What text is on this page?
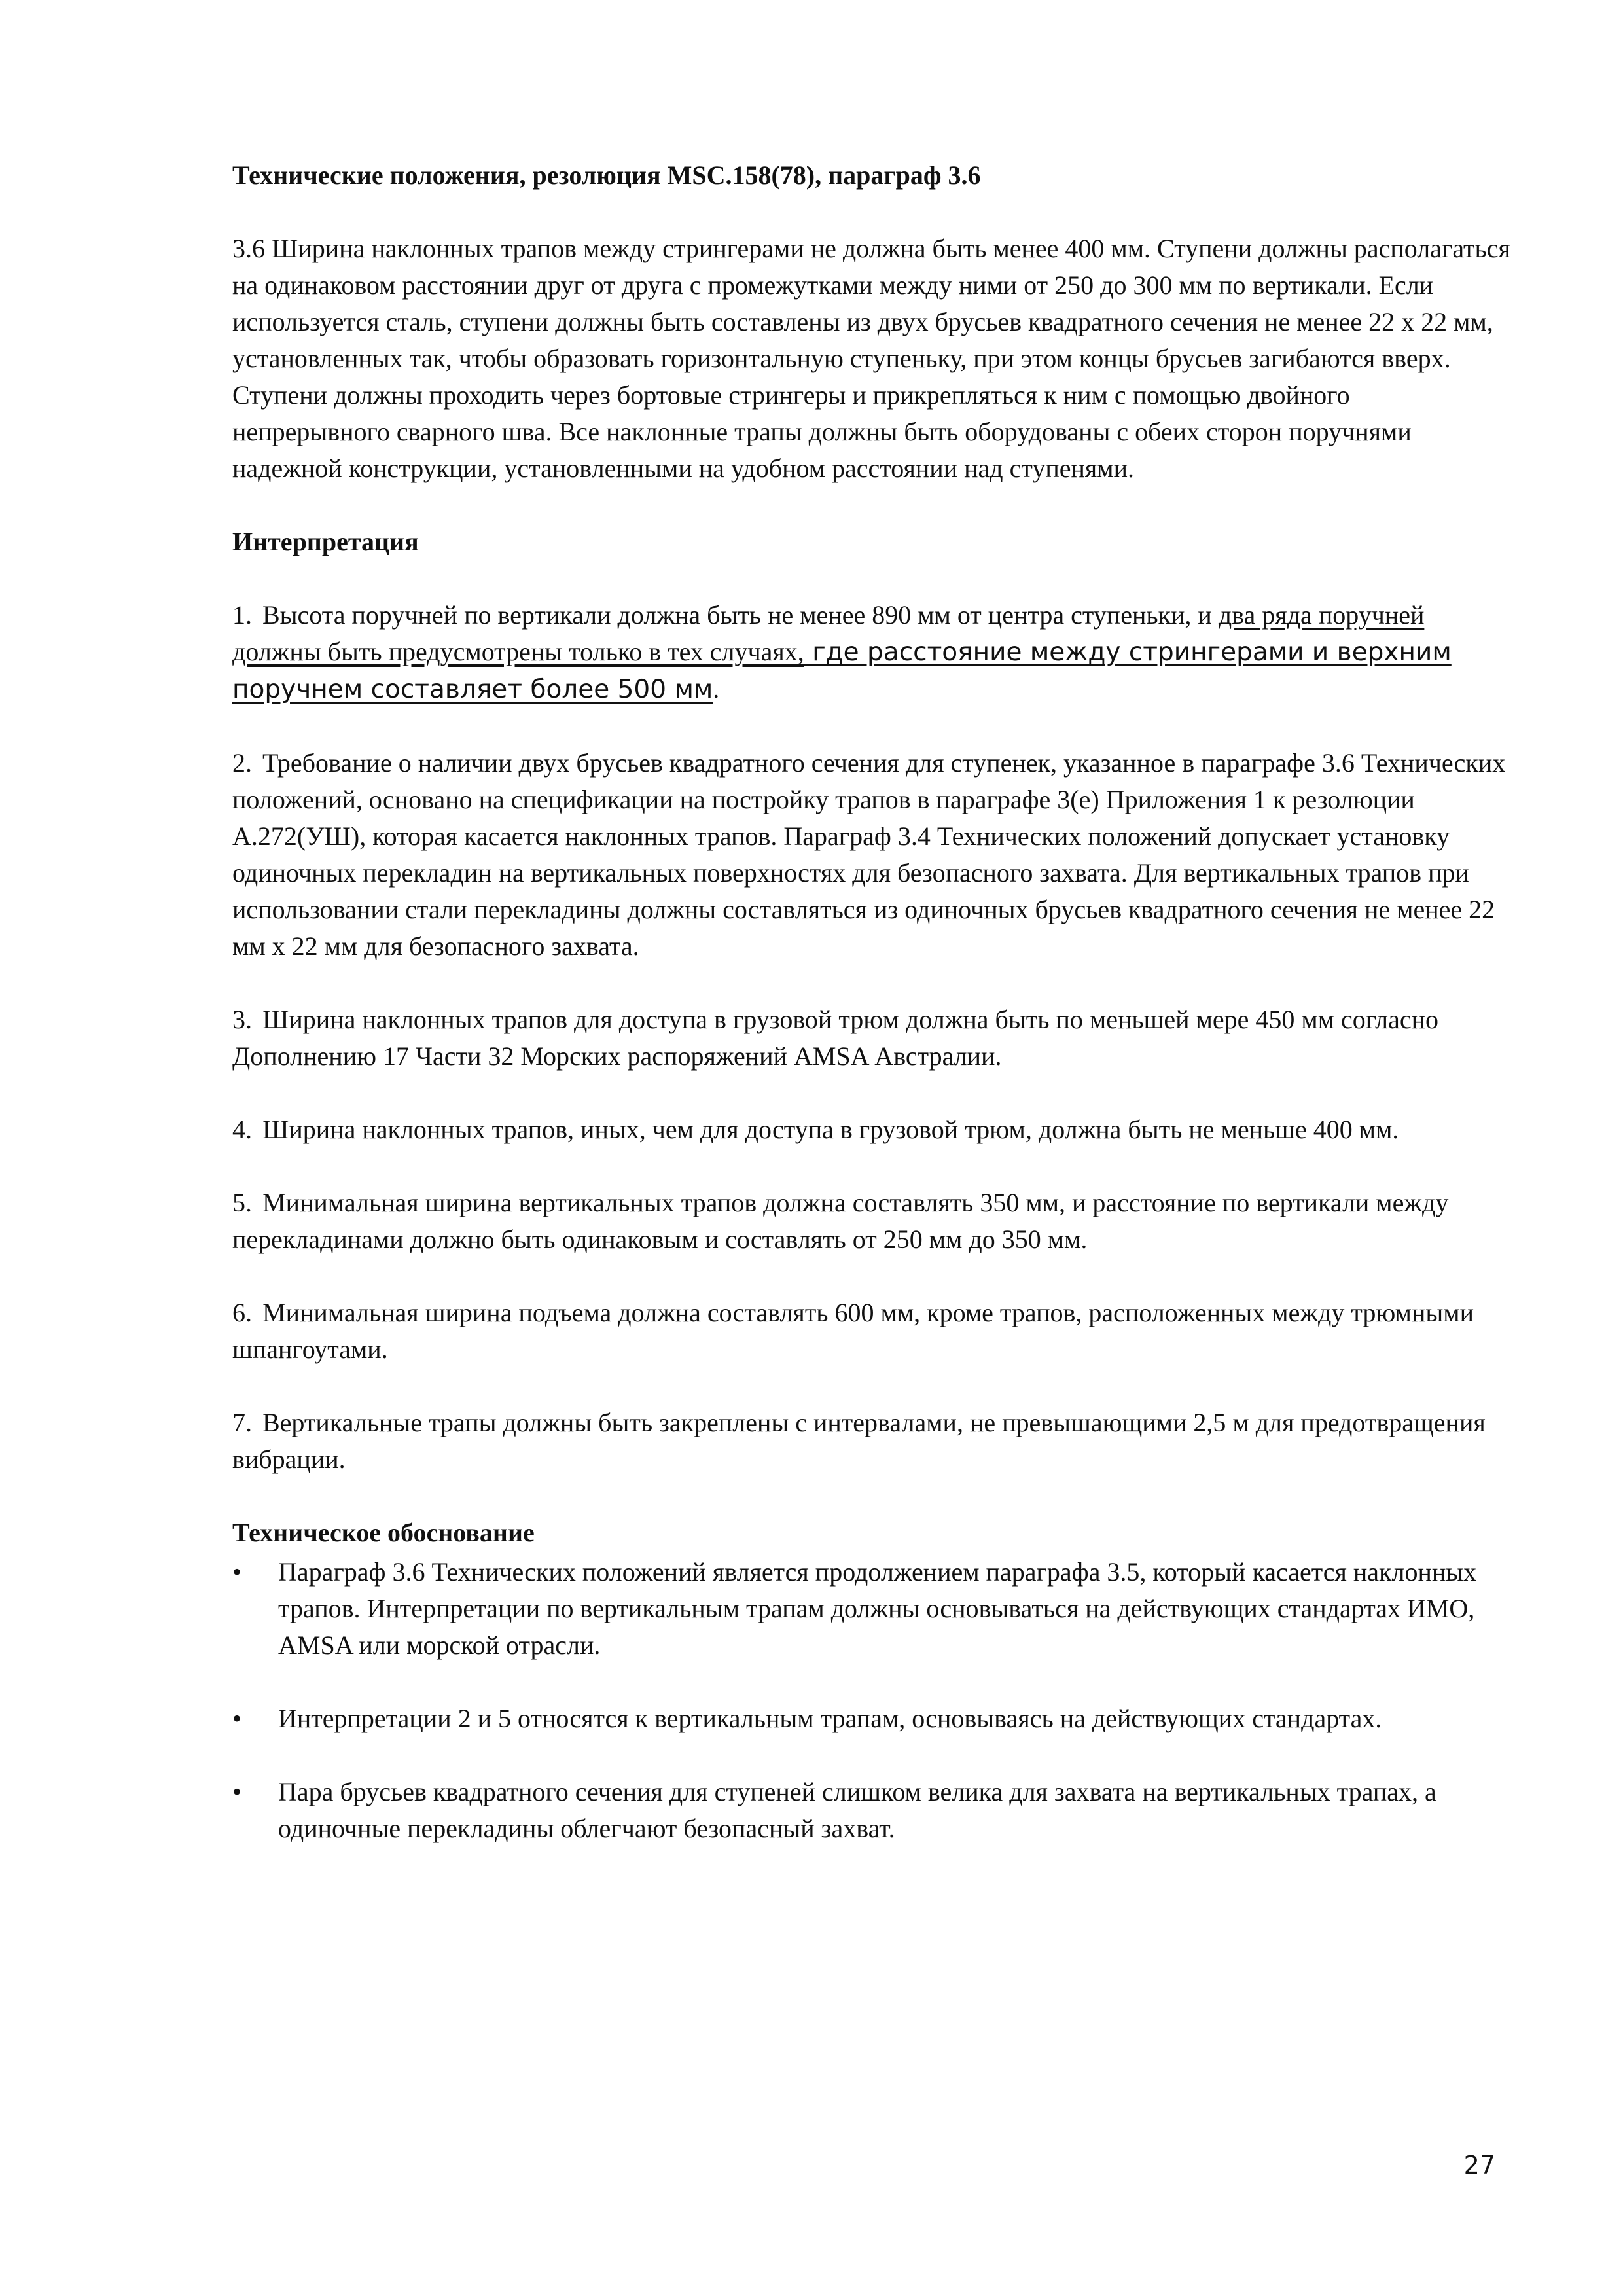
Технические положения, резолюция MSC.158(78), параграф 3.6

3.6 Ширина наклонных трапов между стрингерами не должна быть менее 400 мм. Ступени должны располагаться на одинаковом расстоянии друг от друга с промежутками между ними от 250 до 300 мм по вертикали. Если используется сталь, ступени должны быть составлены из двух брусьев квадратного сечения не менее 22 х 22 мм, установленных так, чтобы образовать горизонтальную ступеньку, при этом концы брусьев загибаются вверх. Ступени должны проходить через бортовые стрингеры и прикрепляться к ним с помощью двойного непрерывного сварного шва. Все наклонные трапы должны быть оборудованы с обеих сторон поручнями надежной конструкции, установленными на удобном расстоянии над ступенями.

Интерпретация

1. Высота поручней по вертикали должна быть не менее 890 мм от центра ступеньки, и два ряда поручней должны быть предусмотрены только в тех случаях, где расстояние между стрингерами и верхним поручнем составляет более 500 мм.

2. Требование о наличии двух брусьев квадратного сечения для ступенек, указанное в параграфе 3.6 Технических положений, основано на спецификации на постройку трапов в параграфе 3(e) Приложения 1 к резолюции А.272(УШ), которая касается наклонных трапов. Параграф 3.4 Технических положений допускает установку одиночных перекладин на вертикальных поверхностях для безопасного захвата. Для вертикальных трапов при использовании стали перекладины должны составляться из одиночных брусьев квадратного сечения не менее 22 мм х 22 мм для безопасного захвата.

3. Ширина наклонных трапов для доступа в грузовой трюм должна быть по меньшей мере 450 мм согласно Дополнению 17 Части 32 Морских распоряжений AMSA Австралии.

4. Ширина наклонных трапов, иных, чем для доступа в грузовой трюм, должна быть не меньше 400 мм.

5. Минимальная ширина вертикальных трапов должна составлять 350 мм, и расстояние по вертикали между перекладинами должно быть одинаковым и составлять от 250 мм до 350 мм.

6. Минимальная ширина подъема должна составлять 600 мм, кроме трапов, расположенных между трюмными шпангоутами.

7. Вертикальные трапы должны быть закреплены с интервалами, не превышающими 2,5 м для предотвращения вибрации.

Техническое обоснование

• Параграф 3.6 Технических положений является продолжением параграфа 3.5, который касается наклонных трапов. Интерпретации по вертикальным трапам должны основываться на действующих стандартах ИМО, AMSA или морской отрасли.
• Интерпретации 2 и 5 относятся к вертикальным трапам, основываясь на действующих стандартах.
• Пара брусьев квадратного сечения для ступеней слишком велика для захвата на вертикальных трапах, а одиночные перекладины облегчают безопасный захват.
27
